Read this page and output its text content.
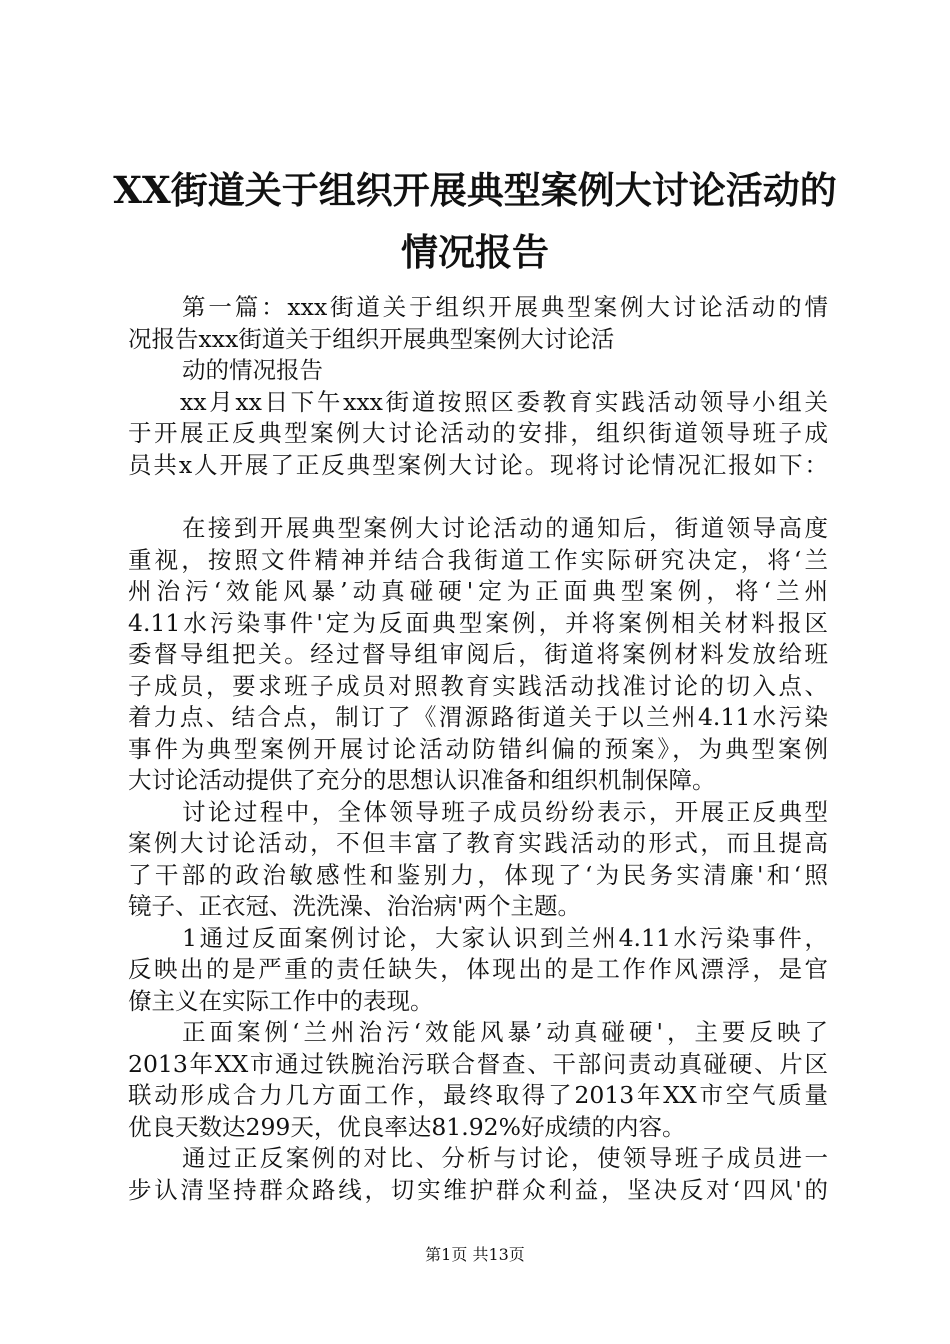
XX街道关于组织开展典型案例大讨论活动的
情况报告
第一篇：xxx街道关于组织开展典型案例大讨论活动的情
况报告xxx街道关于组织开展典型案例大讨论活
动的情况报告
xx月xx日下午xxx街道按照区委教育实践活动领导小组关
于开展正反典型案例大讨论活动的安排，组织街道领导班子成
员共x人开展了正反典型案例大讨论。现将讨论情况汇报如下：
在接到开展典型案例大讨论活动的通知后，街道领导高度
重视，按照文件精神并结合我街道工作实际研究决定，将‘兰
州治污‘效能风暴’动真碰硬'定为正面典型案例，将‘兰州
4.11水污染事件'定为反面典型案例，并将案例相关材料报区
委督导组把关。经过督导组审阅后，街道将案例材料发放给班
子成员，要求班子成员对照教育实践活动找准讨论的切入点、
着力点、结合点，制订了《渭源路街道关于以兰州4.11水污染
事件为典型案例开展讨论活动防错纠偏的预案》，为典型案例
大讨论活动提供了充分的思想认识准备和组织机制保障。
讨论过程中，全体领导班子成员纷纷表示，开展正反典型
案例大讨论活动，不但丰富了教育实践活动的形式，而且提高
了干部的政治敏感性和鉴别力，体现了‘为民务实清廉'和‘照
镜子、正衣冠、洗洗澡、治治病'两个主题。
1通过反面案例讨论，大家认识到兰州4.11水污染事件，
反映出的是严重的责任缺失，体现出的是工作作风漂浮，是官
僚主义在实际工作中的表现。
正面案例‘兰州治污‘效能风暴’动真碰硬'，主要反映了
2013年XX市通过铁腕治污联合督查、干部问责动真碰硬、片区
联动形成合力几方面工作，最终取得了2013年XX市空气质量
优良天数达299天，优良率达81.92%好成绩的内容。
通过正反案例的对比、分析与讨论，使领导班子成员进一
步认清坚持群众路线，切实维护群众利益，坚决反对‘四风'的
第1页 共13页
